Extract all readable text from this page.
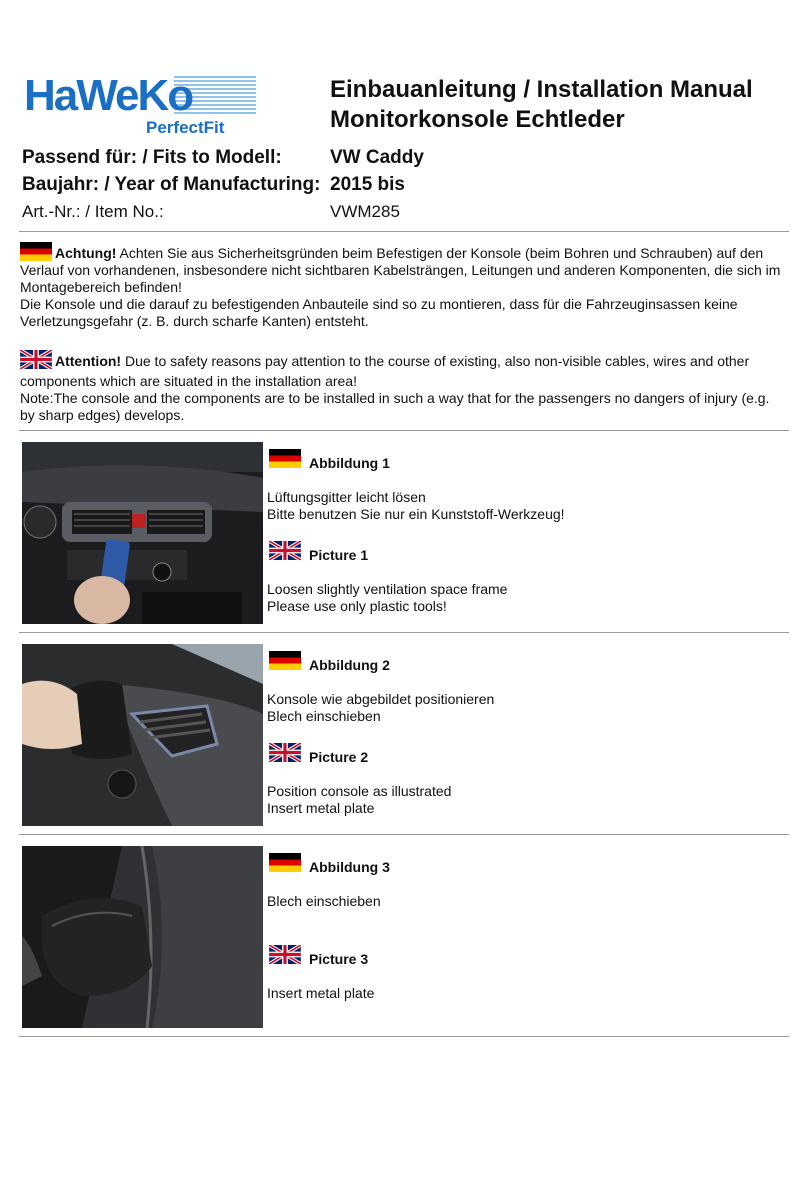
HaWeKo
PerfectFit
Einbauanleitung / Installation Manual
Monitorkonsole Echtleder
Passend für: / Fits to Modell:	VW Caddy
Baujahr: / Year of Manufacturing: 2015 bis
Art.-Nr.: / Item No.:	VWM285

Achtung! Achten Sie aus Sicherheitsgründen beim Befestigen der Konsole (beim Bohren und Schrauben) auf den Verlauf von vorhandenen, insbesondere nicht sichtbaren Kabelsträngen, Leitungen und anderen Komponenten, die sich im Montagebereich befinden!

Die Konsole und die darauf zu befestigenden Anbauteile sind so zu montieren, dass für die Fahrzeuginsassen keine Verletzungsgefahr (z. B. durch scharfe Kanten) entsteht.

Attention! Due to safety reasons pay attention to the course of existing, also non-visible cables, wires and other components which are situated in the installation area!

Note:The console and the components are to be installed in such a way that for the passengers no dangers of injury (e.g. by sharp edges) develops.

Abbildung 1
Lüftungsgitter leicht lösen
Bitte benutzen Sie nur ein Kunststoff-Werkzeug!
Picture 1
Loosen slightly ventilation space frame
Please use only plastic tools!
Abbildung 2
Konsole wie abgebildet positionieren
Blech einschieben
Picture 2
Position console as illustrated
Insert metal plate
Abbildung 3
Blech einschieben
Picture 3
Insert metal plate
